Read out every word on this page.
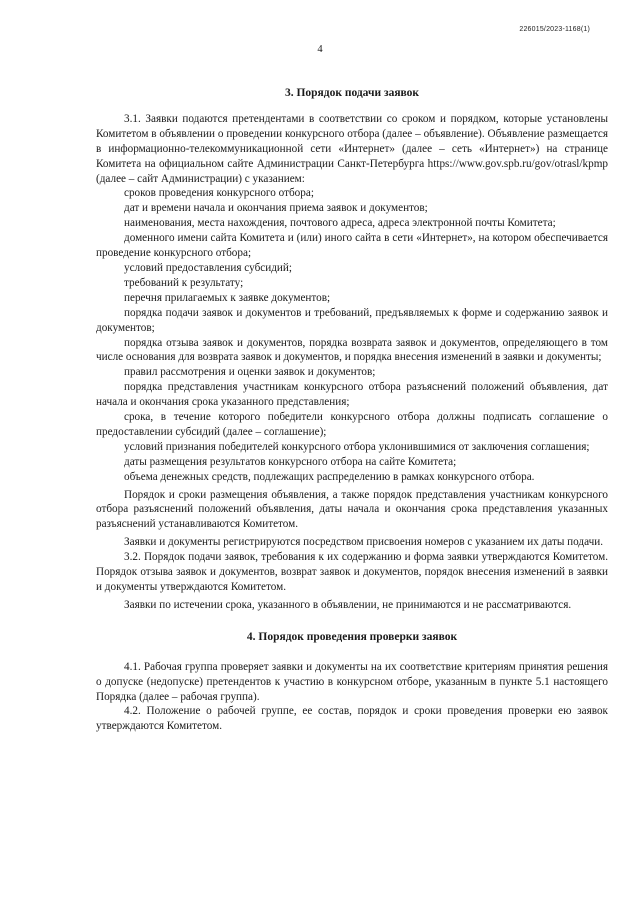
226015/2023-1168(1)
4
3. Порядок подачи заявок

3.1. Заявки подаются претендентами в соответствии со сроком и порядком, которые установлены Комитетом в объявлении о проведении конкурсного отбора (далее – объявление). Объявление размещается в информационно-телекоммуникационной сети «Интернет» (далее – сеть «Интернет») на странице Комитета на официальном сайте Администрации Санкт-Петербурга https://www.gov.spb.ru/gov/otrasl/kpmp (далее – сайт Администрации) с указанием:

сроков проведения конкурсного отбора;

дат и времени начала и окончания приема заявок и документов;

наименования, места нахождения, почтового адреса, адреса электронной почты Комитета;

доменного имени сайта Комитета и (или) иного сайта в сети «Интернет», на котором обеспечивается проведение конкурсного отбора;

условий предоставления субсидий;

требований к результату;

перечня прилагаемых к заявке документов;

порядка подачи заявок и документов и требований, предъявляемых к форме и содержанию заявок и документов;

порядка отзыва заявок и документов, порядка возврата заявок и документов, определяющего в том числе основания для возврата заявок и документов, и порядка внесения изменений в заявки и документы;

правил рассмотрения и оценки заявок и документов;

порядка представления участникам конкурсного отбора разъяснений положений объявления, дат начала и окончания срока указанного представления;

срока, в течение которого победители конкурсного отбора должны подписать соглашение о предоставлении субсидий (далее – соглашение);

условий признания победителей конкурсного отбора уклонившимися от заключения соглашения;

даты размещения результатов конкурсного отбора на сайте Комитета;

объема денежных средств, подлежащих распределению в рамках конкурсного отбора.

Порядок и сроки размещения объявления, а также порядок представления участникам конкурсного отбора разъяснений положений объявления, даты начала и окончания срока представления указанных разъяснений устанавливаются Комитетом.

Заявки и документы регистрируются посредством присвоения номеров с указанием их даты подачи.

3.2. Порядок подачи заявок, требования к их содержанию и форма заявки утверждаются Комитетом. Порядок отзыва заявок и документов, возврат заявок и документов, порядок внесения изменений в заявки и документы утверждаются Комитетом.

Заявки по истечении срока, указанного в объявлении, не принимаются и не рассматриваются.

4. Порядок проведения проверки заявок

4.1. Рабочая группа проверяет заявки и документы на их соответствие критериям принятия решения о допуске (недопуске) претендентов к участию в конкурсном отборе, указанным в пункте 5.1 настоящего Порядка (далее – рабочая группа).

4.2. Положение о рабочей группе, ее состав, порядок и сроки проведения проверки ею заявок утверждаются Комитетом.
